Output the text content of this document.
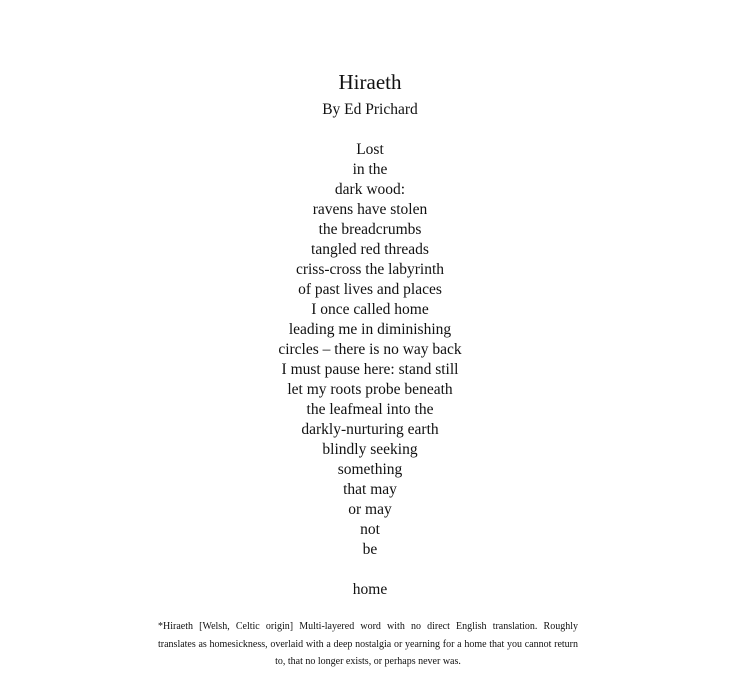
Hiraeth
By Ed Prichard
Lost
in the
dark wood:
ravens have stolen
the breadcrumbs
tangled red threads
criss-cross the labyrinth
of past lives and places
I once called home
leading me in diminishing
circles – there is no way back
I must pause here: stand still
let my roots probe beneath
the leafmeal into the
darkly-nurturing earth
blindly seeking
something
that may
or may
not
be
home
*Hiraeth [Welsh, Celtic origin] Multi-layered word with no direct English translation. Roughly translates as homesickness, overlaid with a deep nostalgia or yearning for a home that you cannot return to, that no longer exists, or perhaps never was.
